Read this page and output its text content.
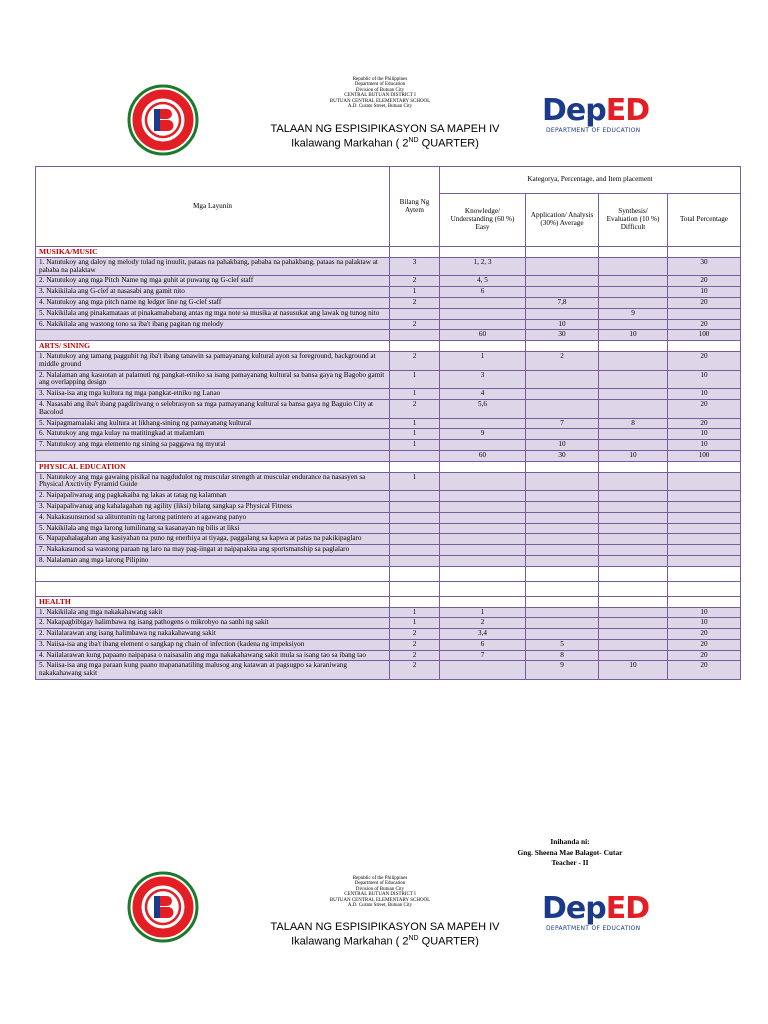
Republic of the Philippines
Department of Education
Division of Butuan City
CENTRAL BUTUAN DISTRICT I
BUTUAN CENTRAL ELEMENTARY SCHOOL
A.D. Curato Street, Butuan City
TALAAN NG ESPISIPIKASYON SA MAPEH IV
Ikalawang Markahan ( 2ND QUARTER)
DepED
DEPARTMENT OF EDUCATION
Mga Layunin	Bilang Ng Aytem	Kategorya, Percentage, and Item placement			
		Knowledge/ Understanding (60 %) Easy	Application/ Analysis (30%) Average	Synthesis/ Evaluation (10 %) Difficult	Total Percentage
MUSIKA/MUSIC					
1. Natutukoy ang daloy ng melody tulad ng inuulit, pataas na pahakbang, pababa na pahakbang, pataas na palaktaw at pababa na palaktaw	3	1, 2, 3			30
2. Natutukoy ang mga Pitch Name ng mga guhit at puwang ng G-clef staff	2	4, 5			20
3. Nakikilala ang G-clef at nasasabi ang gamit nito	1	6			10
4. Natutukoy ang mga pitch name ng ledger line ng G-clef staff	2		7,8		20
5. Nakikilala ang pinakamataas at pinakamababang antas ng mga note sa musika at nasusukat ang lawak ng tunog nito				9	
6. Nakikilala ang wastong tono sa iba't ibang pagitan ng melody	2		10		20
		60	30	10	100
ARTS/ SINING					
1. Natutukoy ang tamang pagguhit ng iba't ibang tanawin sa pamayanang kultural ayon sa foreground, background at middle ground	2	1	2		20
2. Nalalaman ang kasuotan at palamuti ng pangkat-etniko sa isang pamayanang kultural sa bansa gaya ng Bagobo gamit ang overlapping design	1	3			10
3. Naiisa-isa ang mga kultura ng mga pangkat-etniko ng Lanao	1	4			10
4. Nasasabi ang iba't ibang pagdiriwang o selebrasyon sa mga pamayanang kultural sa bansa gaya ng Baguio City at Bacolod	2	5,6			20
5. Naipagmamalaki ang kultura at likhang-sining ng pamayanang kultural	1		7	8	20
6. Natutukoy ang mga kulay na matitingkad at malamlam	1	9			10
7. Natutukoy ang mga elemento ng sining sa paggawa ng myural	1		10		10
		60	30	10	100
PHYSICAL EDUCATION					
1. Natutukoy ang mga gawaing pisikal na nagdudulot ng muscular strength at muscular endurance na nasasyen sa Physical Axctivity Pyramid Guide	1				
2. Naipapaliwanag ang pagkakaiba ng lakas at tatag ng kalamnan					
3. Naipapaliwanag ang kahalagahan ng agility (liksi) bilang sangkap sa Physical Fitness					
4. Nakakasunsunod sa alituntunin ng larong patintero at agawang panyo					
5. Nakikilala ang mga larong lumilinang sa kasanayan ng bilis at liksi					
6. Napapahalagahan ang kasiyahan na puno ng enerhiya at tiyaga, paggalang sa kapwa at patas na pakikipaglaro					
7. Nakakasunod sa wastong paraan ng laro na may pag-iingat at naipapakita ang sportsmanship sa paglalaro					
8. Nalalaman ang mga larong Pilipino					

HEALTH					
1. Nakikilala ang mga nakakahawang sakit	1	1			10
2. Nakapagbibigay halimbawa ng isang pathogens o mikrobyo na sanhi ng sakit	1	2			10
2. Nailalarawan ang isang halimbawa ng nakakahawang sakit	2	3,4			20
3. Naiisa-isa ang iba't ibang element o sangkap ng chain of infection (kadena ng impeksiyon	2	6	5		20
4. Nailalarawan kung papaano naipapasa o naisasalin ang mga nakakahawang sakit mula sa isang tao sa ibang tao	2	7	8		20
5. Naiisa-isa ang mga paraan kung paano mapananatiling malusog ang katawan at pagsugpo sa karaniwang nakakahawang sakit	2		9	10	20
Inihanda ni:
Gng. Sheena Mae Balagot- Cutar
Teacher - II
Republic of the Philippines
Department of Education
Division of Butuan City
CENTRAL BUTUAN DISTRICT I
BUTUAN CENTRAL ELEMENTARY SCHOOL
A.D. Curato Street, Butuan City
TALAAN NG ESPISIPIKASYON SA MAPEH IV
Ikalawang Markahan ( 2ND QUARTER)
DepED
DEPARTMENT OF EDUCATION
